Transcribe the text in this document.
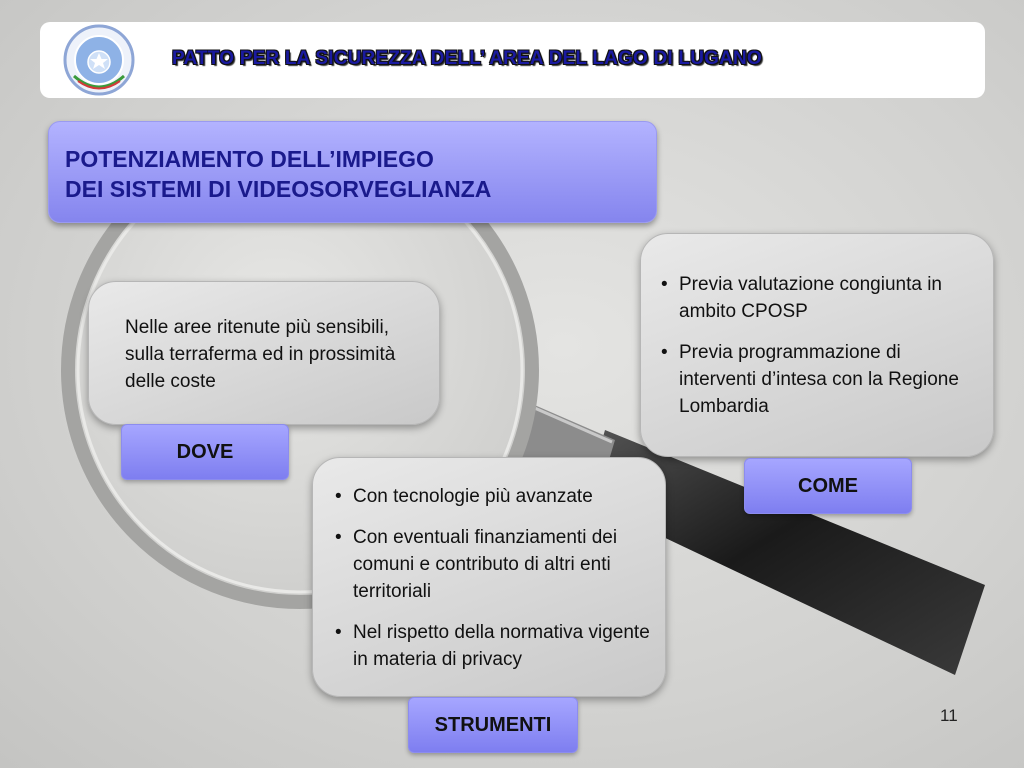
PATTO PER LA SICUREZZA DELL’ AREA DEL LAGO DI LUGANO
POTENZIAMENTO DELL’IMPIEGO
DEI SISTEMI DI VIDEOSORVEGLIANZA
Nelle aree ritenute più sensibili, sulla terraferma ed in prossimità delle coste
DOVE
• Previa valutazione congiunta in ambito CPOSP
• Previa programmazione di interventi d’intesa con la Regione Lombardia
COME
• Con tecnologie più avanzate
• Con eventuali finanziamenti dei comuni e contributo di altri enti territoriali
• Nel rispetto della normativa vigente in materia di privacy
STRUMENTI	11
